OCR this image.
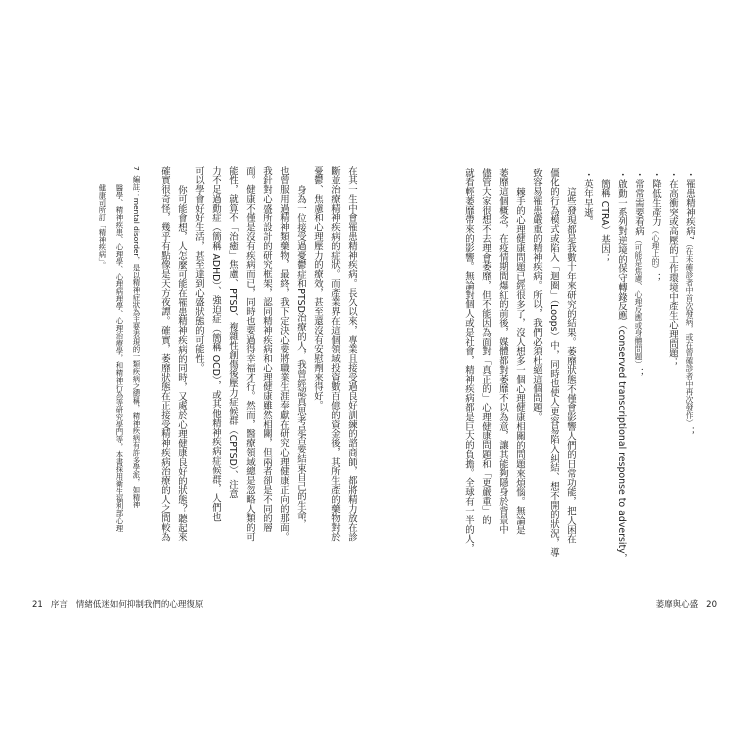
・罹患精神疾病⁷（在未確診者中首次發病，或在曾確診者中再次發作）；
・在高衝突或高壓的工作環境中產生心理問題；
・降低生產力（心理上的）；
・常常需要看病（可能是焦慮、心理反應或身體問題）；
・啟動一系列對逆境的保守轉錄反應（conserved transcriptional response to adversity，
簡稱 CTRA）基因；
・英年早逝。
這些發現都是我數十年來研究的結果。萎靡狀態不僅會影響人們的日常功能，把人困在
僵化的行為模式或陷入「迴圈」（Loops）中，同時也使人更容易陷入糾結、想不開的狀況，導
致容易罹患嚴重的精神疾病。所以，我們必須杜絕這個問題。
棘手的心理健康問題已經很多了，沒人想多一個心理健康相關的問題來煩惱。無論是
萎靡這個概念，在疫情期間爆紅的前後，媒體都對萎靡不以為意，讓其能夠隱身於背景中
儘管大家很想不去理會萎靡，但不能因為面對「真正的」心理健康問題和「更嚴重」的
就看輕萎靡帶來的影響。無論對個人或是社會，精神疾病都是巨大的負擔。全球有一半的人，
萎靡與心盛 20
在其一生中會罹患精神疾病。長久以來，專業且接受過良好訓練的諮商師，都將精力放在診
斷並治療精神疾病的症狀。而產業界在這個領域投資數百億的資金後，其所生產的藥物對於
憂鬱、焦慮和心理壓力的療效，甚至還沒有安慰劑來得好。
身為一位接受過憂鬱症和PTSD治療的人，我曾經認真思考是否要結束自己的生命，
也曾服用過精神類藥物，最終，我下定決心要將職業生涯奉獻在研究心理健康正向的那面。
我針對心盛所設計的研究框架，認同精神疾病和心理健康雖然相關，但兩者卻是不同的層
面。健康不僅是沒有疾病而已，同時也要過得幸福才行。然而，醫療領域總是忽略人類的可
能性，就算不「治癒」焦慮、PTSD、複雜性創傷後壓力症候群（CPTSD）、注意
力不足過動症（簡稱 ADHD）、強迫症（簡稱 OCD），或其他精神疾病症候群，人們也
可以學會好好生活，甚至達到心盛狀態的可能性。
你可能會想，人怎麼可能在罹患精神疾病的同時，又處於心理健康良好的狀態？聽起來
確實很奇怪，幾乎有點像是天方夜譚。確實，萎靡狀態在正接受精神疾病治療的人之間較為
7編註：mental disorder，是以精神症狀為主要表現的一類疾病之總稱，精神疾病有許多學派，如精神
醫學、精神疾患、心理學、心理病理學、心理治療學，和精神行為等研究學門等，本書採用衛生福利部心理
健康司所訂「精神疾病」。
21 序言 情緒低迷如何抑制我們的心理復原
